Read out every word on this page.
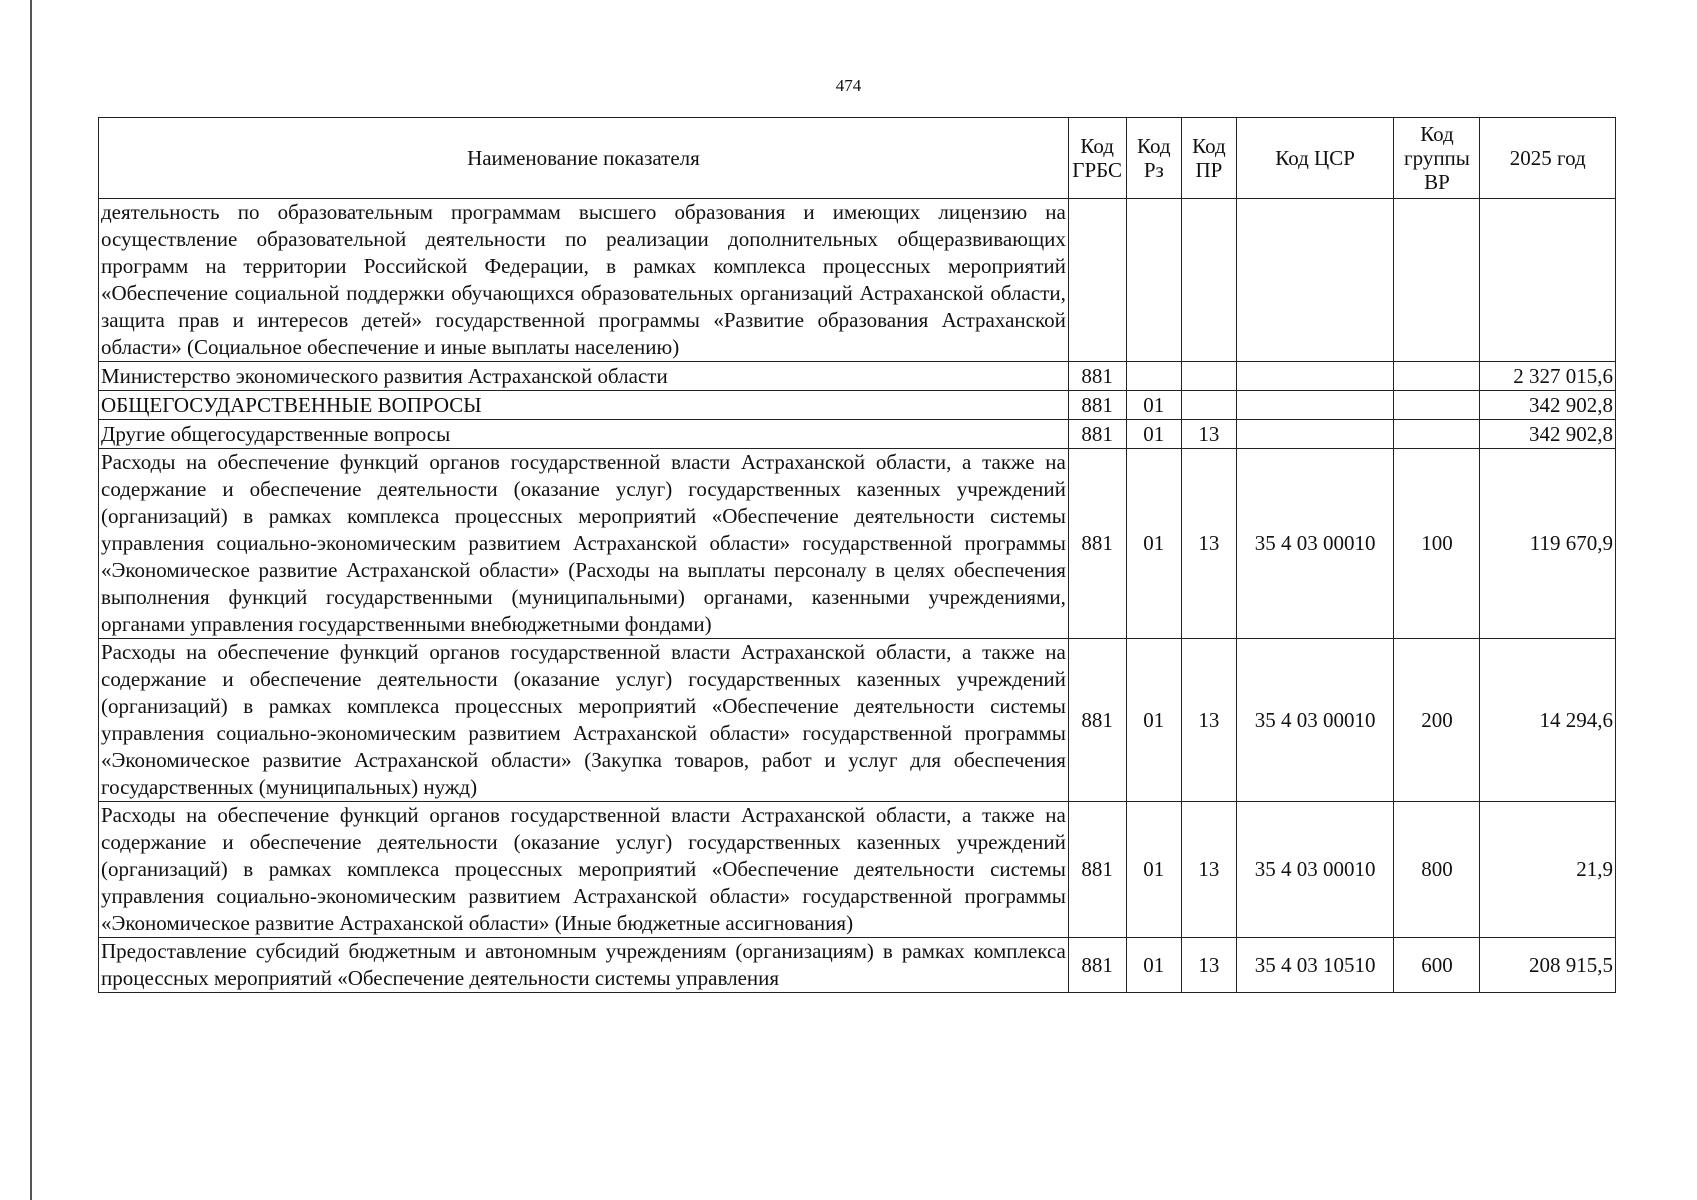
474
Наименование показателя	Код ГРБС	Код Рз	Код ПР	Код ЦСР	Код группы ВР	2025 год
деятельность по образовательным программам высшего образования и имеющих лицензию на осуществление образовательной деятельности по реализации дополнительных общеразвивающих программ на территории Российской Федерации, в рамках комплекса процессных мероприятий «Обеспечение социальной поддержки обучающихся образовательных организаций Астраханской области, защита прав и интересов детей» государственной программы «Развитие образования Астраханской области» (Социальное обеспечение и иные выплаты населению)						
Министерство экономического развития Астраханской области	881					2 327 015,6
ОБЩЕГОСУДАРСТВЕННЫЕ ВОПРОСЫ	881	01				342 902,8
Другие общегосударственные вопросы	881	01	13			342 902,8
Расходы на обеспечение функций органов государственной власти Астраханской области, а также на содержание и обеспечение деятельности (оказание услуг) государственных казенных учреждений (организаций) в рамках комплекса процессных мероприятий «Обеспечение деятельности системы управления социально-экономическим развитием Астраханской области» государственной программы «Экономическое развитие Астраханской области» (Расходы на выплаты персоналу в целях обеспечения выполнения функций государственными (муниципальными) органами, казенными учреждениями, органами управления государственными внебюджетными фондами)	881	01	13	35 4 03 00010	100	119 670,9
Расходы на обеспечение функций органов государственной власти Астраханской области, а также на содержание и обеспечение деятельности (оказание услуг) государственных казенных учреждений (организаций) в рамках комплекса процессных мероприятий «Обеспечение деятельности системы управления социально-экономическим развитием Астраханской области» государственной программы «Экономическое развитие Астраханской области» (Закупка товаров, работ и услуг для обеспечения государственных (муниципальных) нужд)	881	01	13	35 4 03 00010	200	14 294,6
Расходы на обеспечение функций органов государственной власти Астраханской области, а также на содержание и обеспечение деятельности (оказание услуг) государственных казенных учреждений (организаций) в рамках комплекса процессных мероприятий «Обеспечение деятельности системы управления социально-экономическим развитием Астраханской области» государственной программы «Экономическое развитие Астраханской области» (Иные бюджетные ассигнования)	881	01	13	35 4 03 00010	800	21,9

Предоставление субсидий бюджетным и автономным учреждениям (организациям) в рамках комплекса процессных мероприятий «Обеспечение деятельности системы управления	881	01	13	35 4 03 10510	600	208 915,5
